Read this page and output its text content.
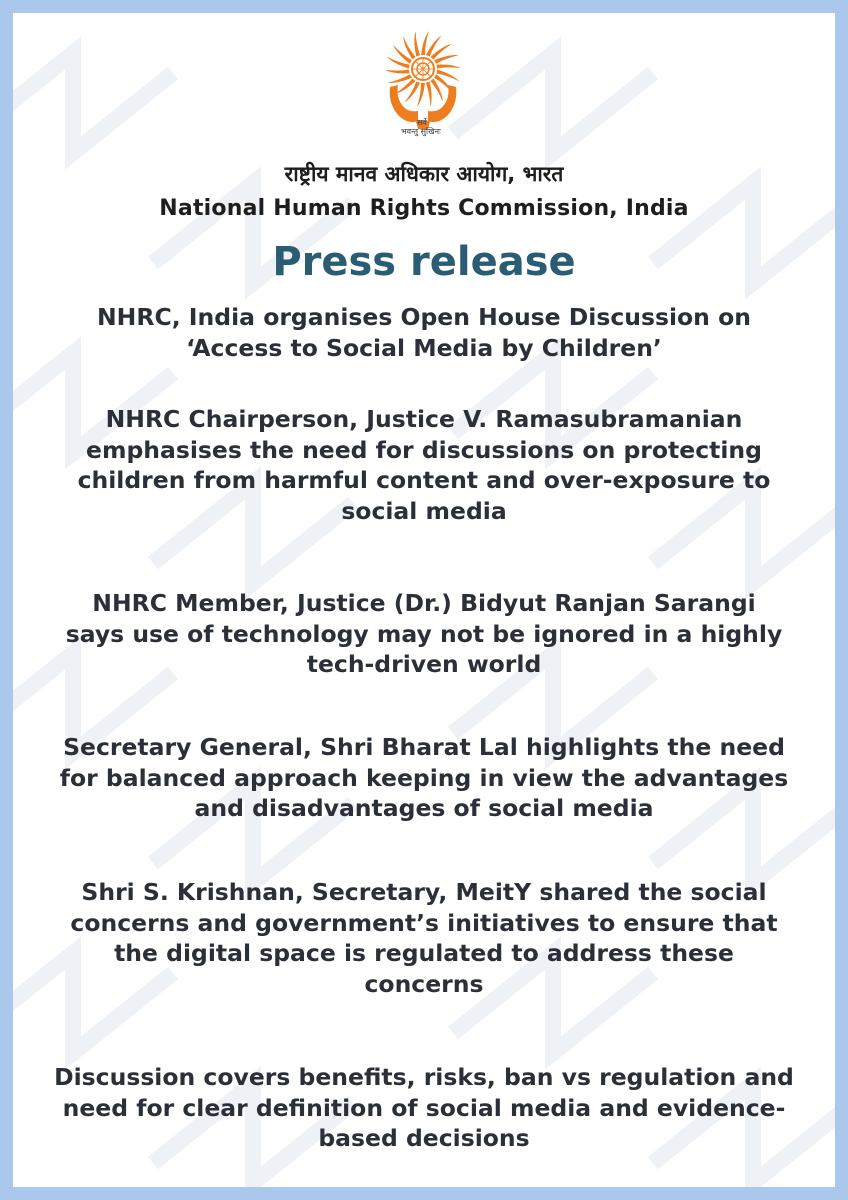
सर्वे
भवन्तु सुखिनः
राष्ट्रीय मानव अधिकार आयोग, भारत
National Human Rights Commission, India
Press release
NHRC, India organises Open House Discussion on
‘Access to Social Media by Children’
NHRC Chairperson, Justice V. Ramasubramanian
emphasises the need for discussions on protecting
children from harmful content and over-exposure to
social media
NHRC Member, Justice (Dr.) Bidyut Ranjan Sarangi
says use of technology may not be ignored in a highly
tech-driven world
Secretary General, Shri Bharat Lal highlights the need
for balanced approach keeping in view the advantages
and disadvantages of social media
Shri S. Krishnan, Secretary, MeitY shared the social
concerns and government’s initiatives to ensure that
the digital space is regulated to address these
concerns
Discussion covers benefits, risks, ban vs regulation and
need for clear definition of social media and evidence-
based decisions
